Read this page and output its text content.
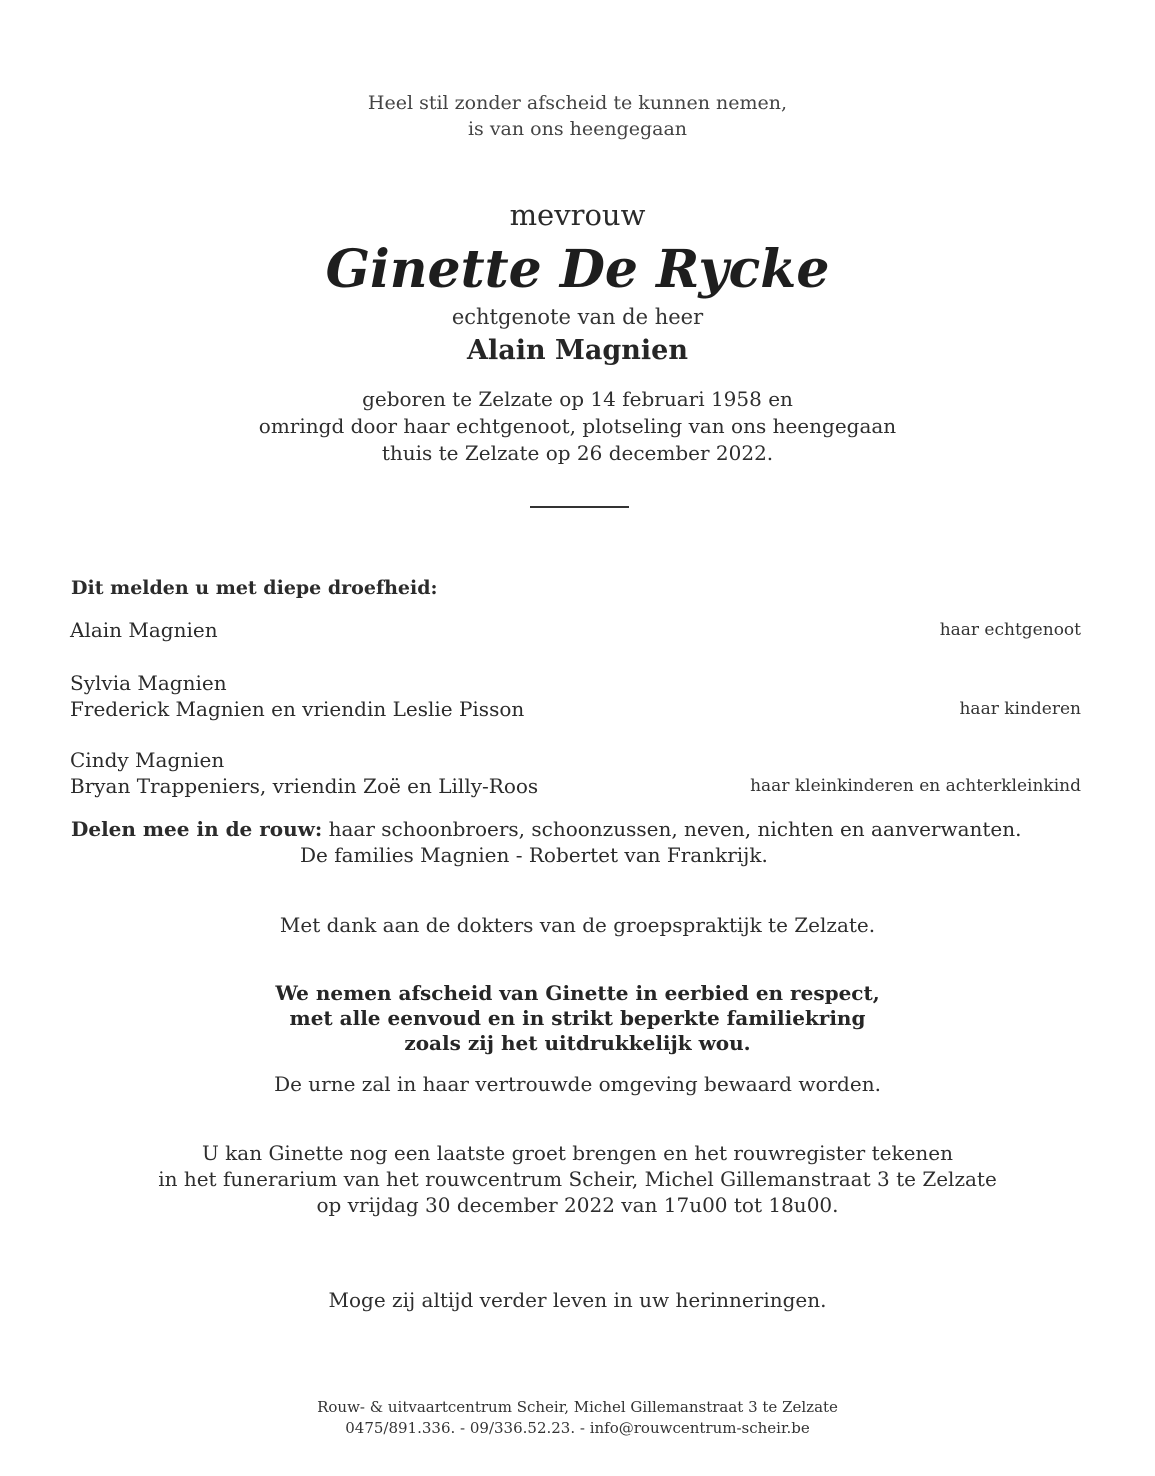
Heel stil zonder afscheid te kunnen nemen,
is van ons heengegaan
mevrouw
Ginette De Rycke
echtgenote van de heer
Alain Magnien
geboren te Zelzate op 14 februari 1958 en
omringd door haar echtgenoot, plotseling van ons heengegaan
thuis te Zelzate op 26 december 2022.
Dit melden u met diepe droefheid:
Alain Magnien	haar echtgenoot
Sylvia Magnien
Frederick Magnien en vriendin Leslie Pisson	haar kinderen
Cindy Magnien
Bryan Trappeniers, vriendin Zoë en Lilly-Roos	haar kleinkinderen en achterkleinkind
Delen mee in de rouw: haar schoonbroers, schoonzussen, neven, nichten en aanverwanten.
De families Magnien - Robertet van Frankrijk.
Met dank aan de dokters van de groepspraktijk te Zelzate.
We nemen afscheid van Ginette in eerbied en respect,
met alle eenvoud en in strikt beperkte familiekring
zoals zij het uitdrukkelijk wou.
De urne zal in haar vertrouwde omgeving bewaard worden.
U kan Ginette nog een laatste groet brengen en het rouwregister tekenen
in het funerarium van het rouwcentrum Scheir, Michel Gillemanstraat 3 te Zelzate
op vrijdag 30 december 2022 van 17u00 tot 18u00.
Moge zij altijd verder leven in uw herinneringen.
Rouw- & uitvaartcentrum Scheir, Michel Gillemanstraat 3 te Zelzate
0475/891.336. - 09/336.52.23. - info@rouwcentrum-scheir.be
